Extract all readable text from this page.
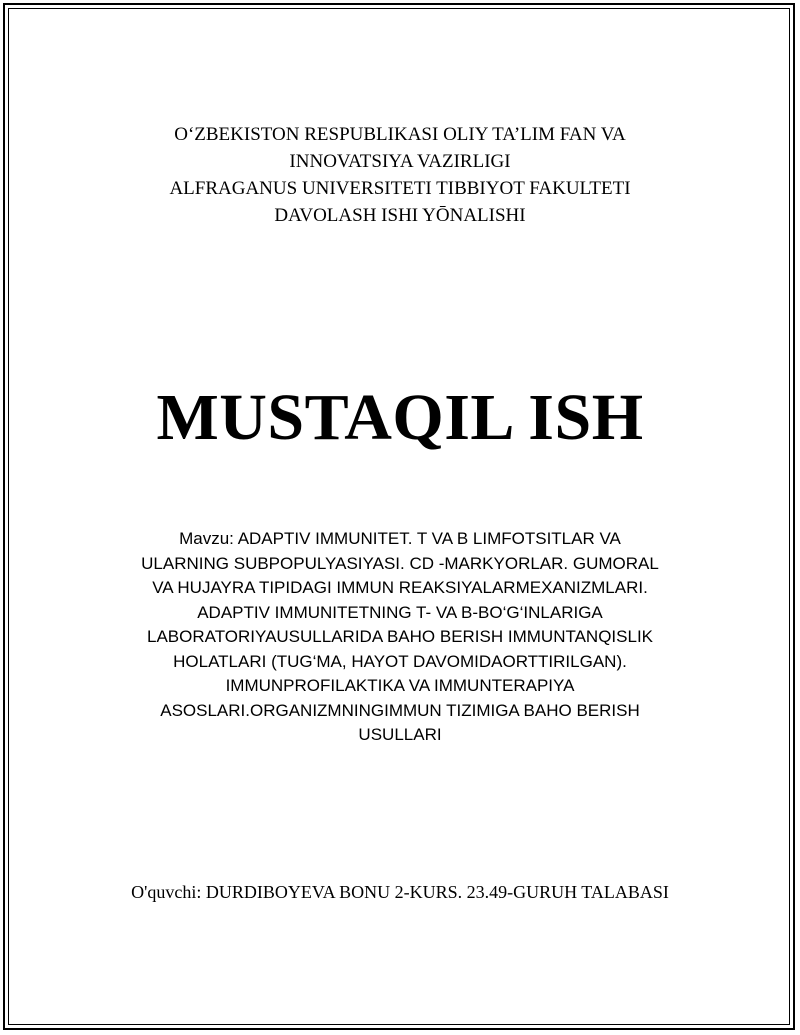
O‘ZBEKISTON RESPUBLIKASI OLIY TA’LIM FAN VA
INNOVATSIYA VAZIRLIGI
ALFRAGANUS UNIVERSITETI TIBBIYOT FAKULTETI
DAVOLASH ISHI YŌNALISHI
MUSTAQIL ISH
Mavzu: ADAPTIV IMMUNITET. T VA B LIMFOTSITLAR VA
ULARNING SUBPOPULYASIYASI. CD -MARKYORLAR. GUMORAL
VA HUJAYRA TIPIDAGI IMMUN REAKSIYALARMEXANIZMLARI.
ADAPTIV IMMUNITETNING T- VA B-BO‘G‘INLARIGA
LABORATORIYAUSULLARIDA BAHO BERISH IMMUNTANQISLIK
HOLATLARI (TUG‘MA, HAYOT DAVOMIDAORTTIRILGAN).
IMMUNPROFILAKTIKA VA IMMUNTERAPIYA
ASOSLARI.ORGANIZMNINGIMMUN TIZIMIGA BAHO BERISH
USULLARI
O'quvchi: DURDIBOYEVA BONU 2-KURS. 23.49-GURUH TALABASI
